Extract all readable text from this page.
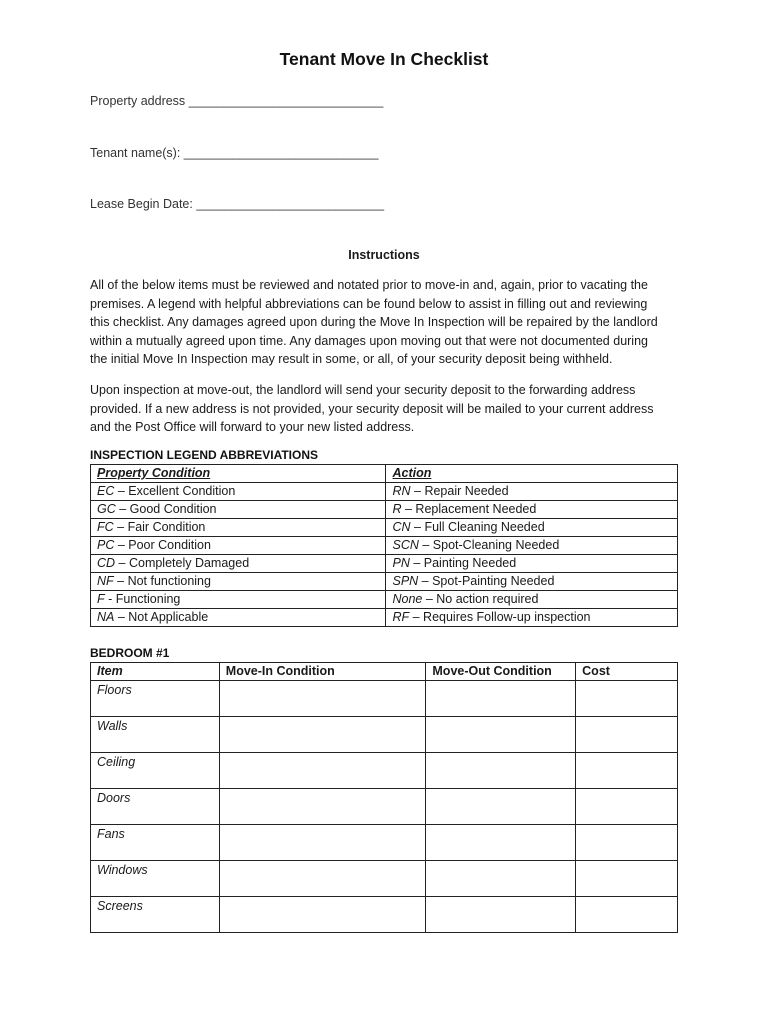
Tenant Move In Checklist
Property address ____________________________
Tenant name(s): ____________________________
Lease Begin Date: ___________________________
Instructions
All of the below items must be reviewed and notated prior to move-in and, again, prior to vacating the
premises. A legend with helpful abbreviations can be found below to assist in filling out and reviewing
this checklist. Any damages agreed upon during the Move In Inspection will be repaired by the landlord
within a mutually agreed upon time. Any damages upon moving out that were not documented during
the initial Move In Inspection may result in some, or all, of your security deposit being withheld.
Upon inspection at move-out, the landlord will send your security deposit to the forwarding address
provided. If a new address is not provided, your security deposit will be mailed to your current address
and the Post Office will forward to your new listed address.
INSPECTION LEGEND ABBREVIATIONS
Property Condition	Action
EC – Excellent Condition	RN – Repair Needed
GC – Good Condition	R – Replacement Needed
FC – Fair Condition	CN – Full Cleaning Needed
PC – Poor Condition	SCN – Spot-Cleaning Needed
CD – Completely Damaged	PN – Painting Needed
NF – Not functioning	SPN – Spot-Painting Needed
F - Functioning	None – No action required
NA – Not Applicable	RF – Requires Follow-up inspection
BEDROOM #1
Item	Move-In Condition	Move-Out Condition	Cost
Floors			
Walls			
Ceiling			
Doors			
Fans			
Windows			
Screens			
